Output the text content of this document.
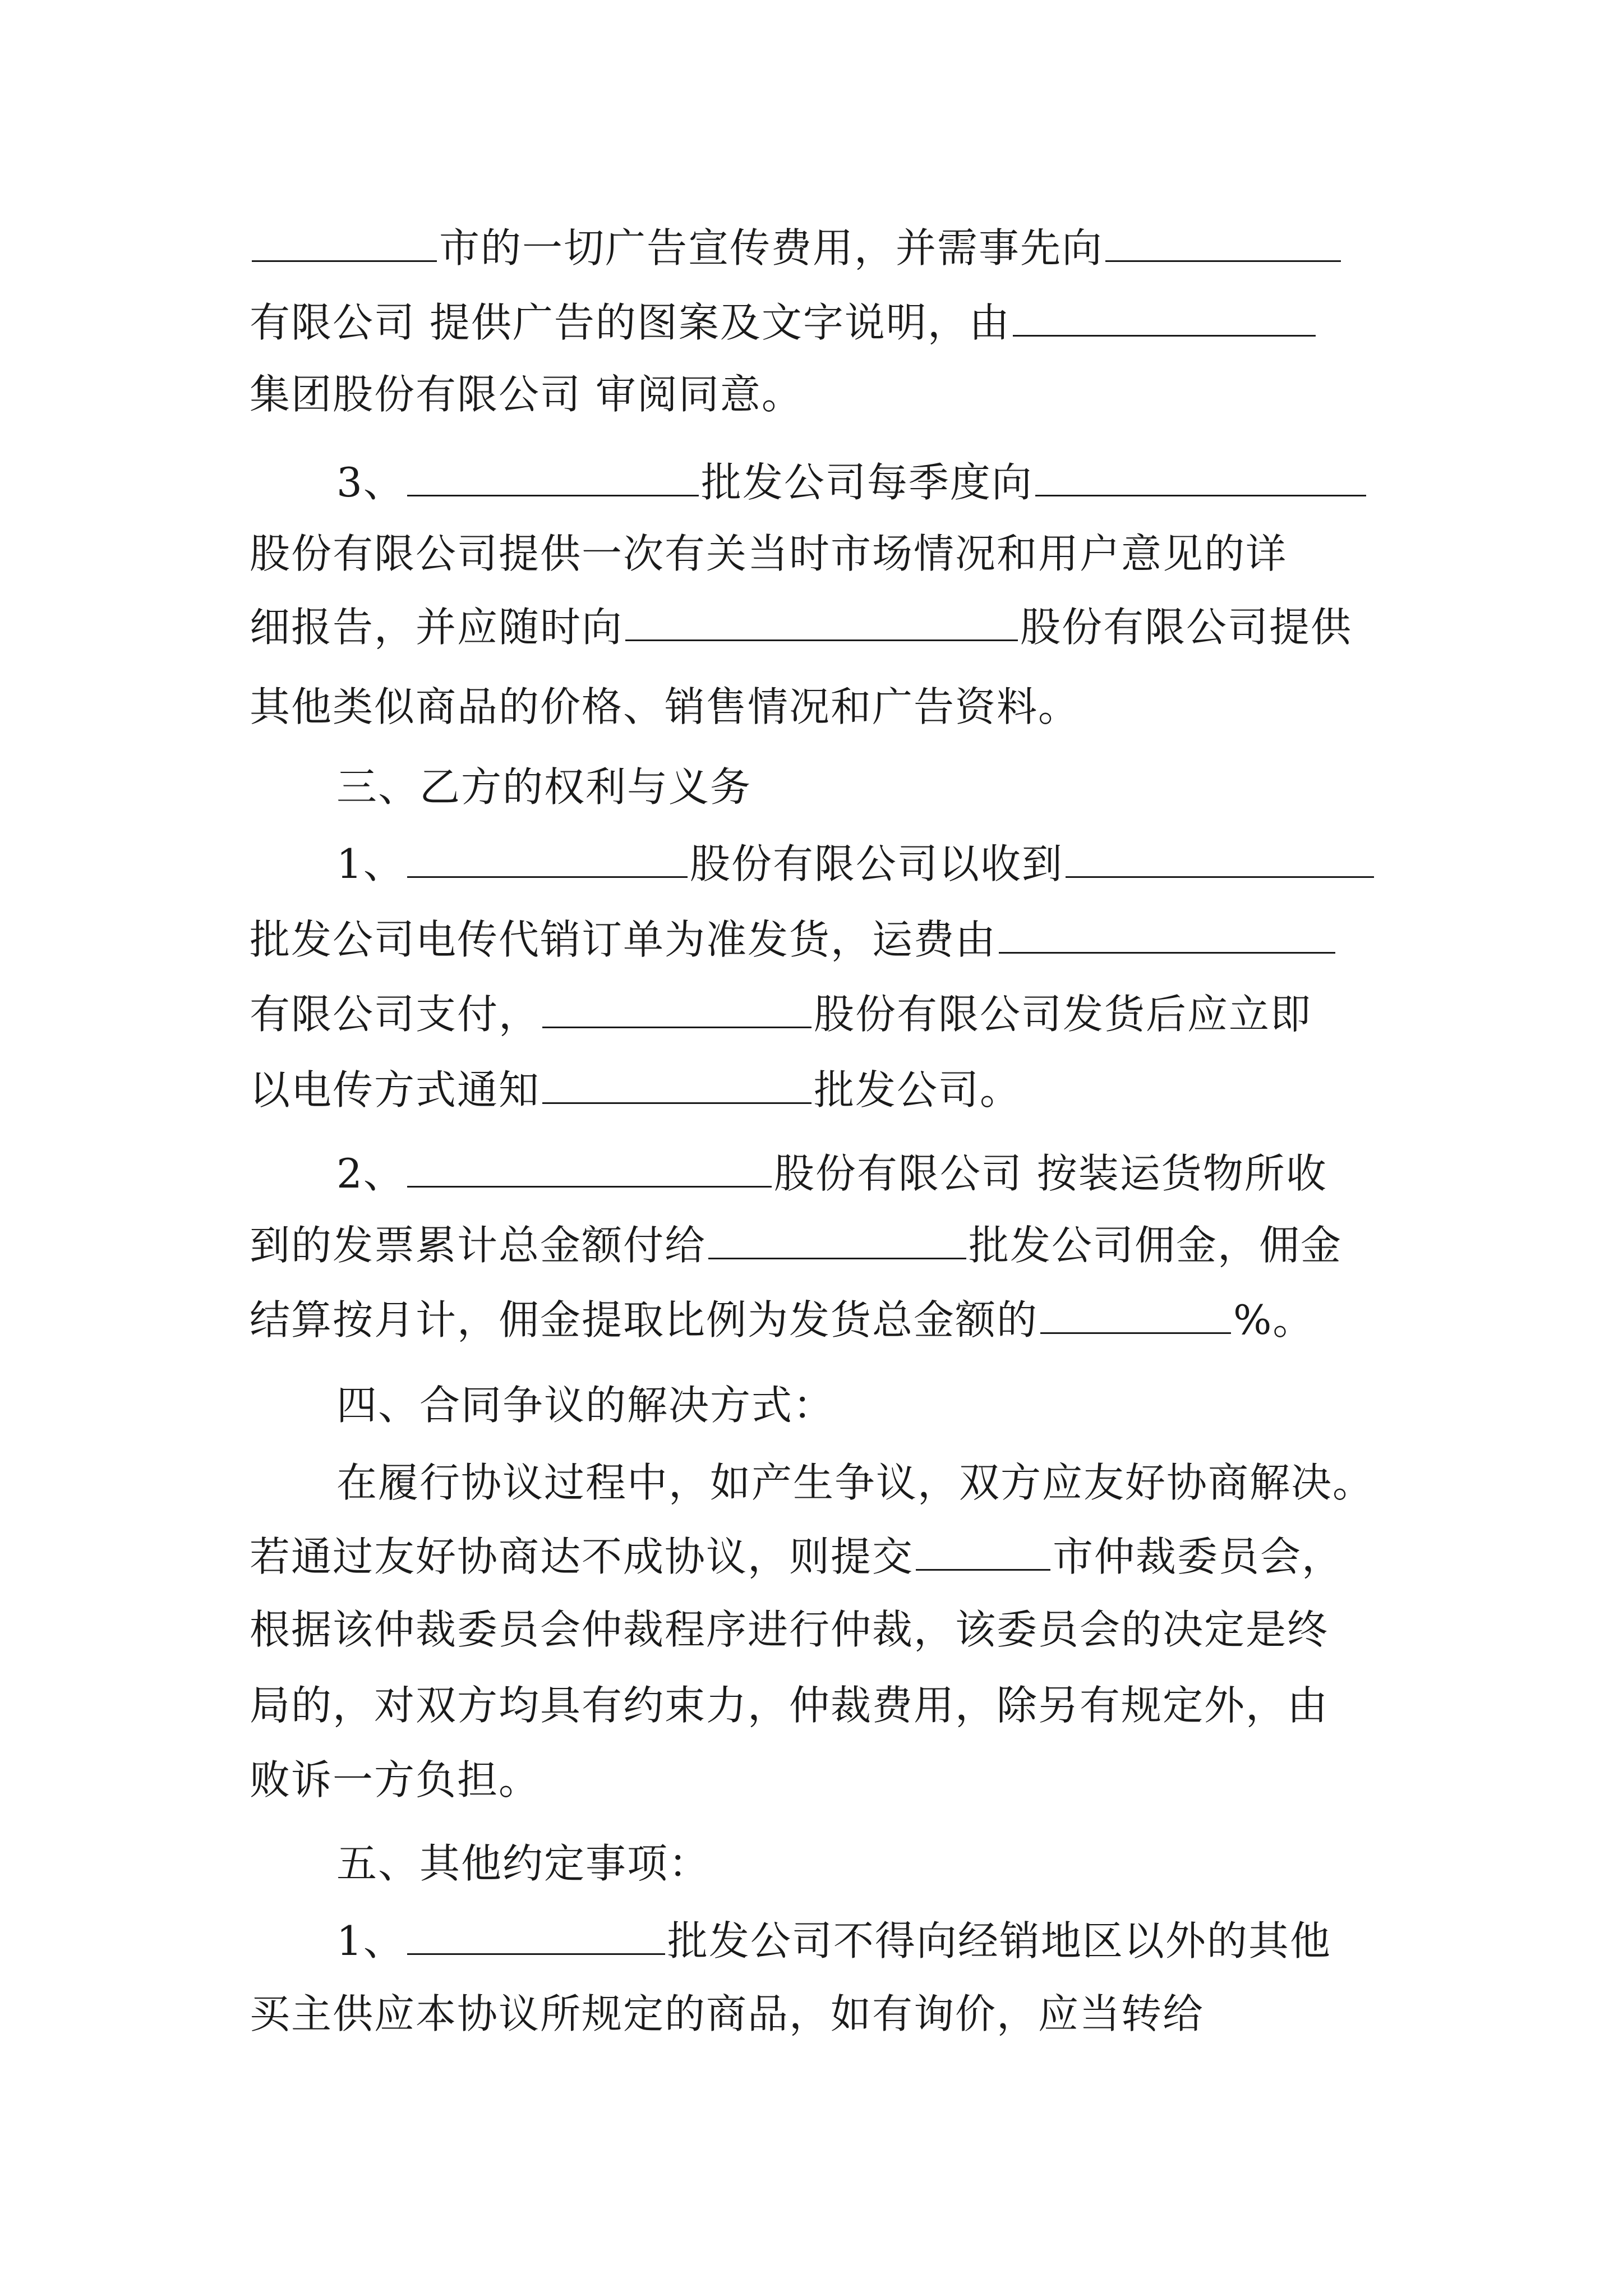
市的一切广告宣传费用，并需事先向
有限公司 提供广告的图案及文字说明，由
集团股份有限公司 审阅同意。
3、	批发公司每季度向
股份有限公司提供一次有关当时市场情况和用户意见的详
细报告，并应随时向	股份有限公司提供
其他类似商品的价格、销售情况和广告资料。
三、乙方的权利与义务
1、	股份有限公司以收到
批发公司电传代销订单为准发货，运费由
有限公司支付，	股份有限公司发货后应立即
以电传方式通知	批发公司。
2、	股份有限公司 按装运货物所收
到的发票累计总金额付给	批发公司佣金，佣金
结算按月计，佣金提取比例为发货总金额的	%。
四、合同争议的解决方式：
在履行协议过程中，如产生争议，双方应友好协商解决。
若通过友好协商达不成协议，则提交	市仲裁委员会，
根据该仲裁委员会仲裁程序进行仲裁，该委员会的决定是终
局的，对双方均具有约束力，仲裁费用，除另有规定外，由
败诉一方负担。
五、其他约定事项：
1、	批发公司不得向经销地区以外的其他
买主供应本协议所规定的商品，如有询价，应当转给
